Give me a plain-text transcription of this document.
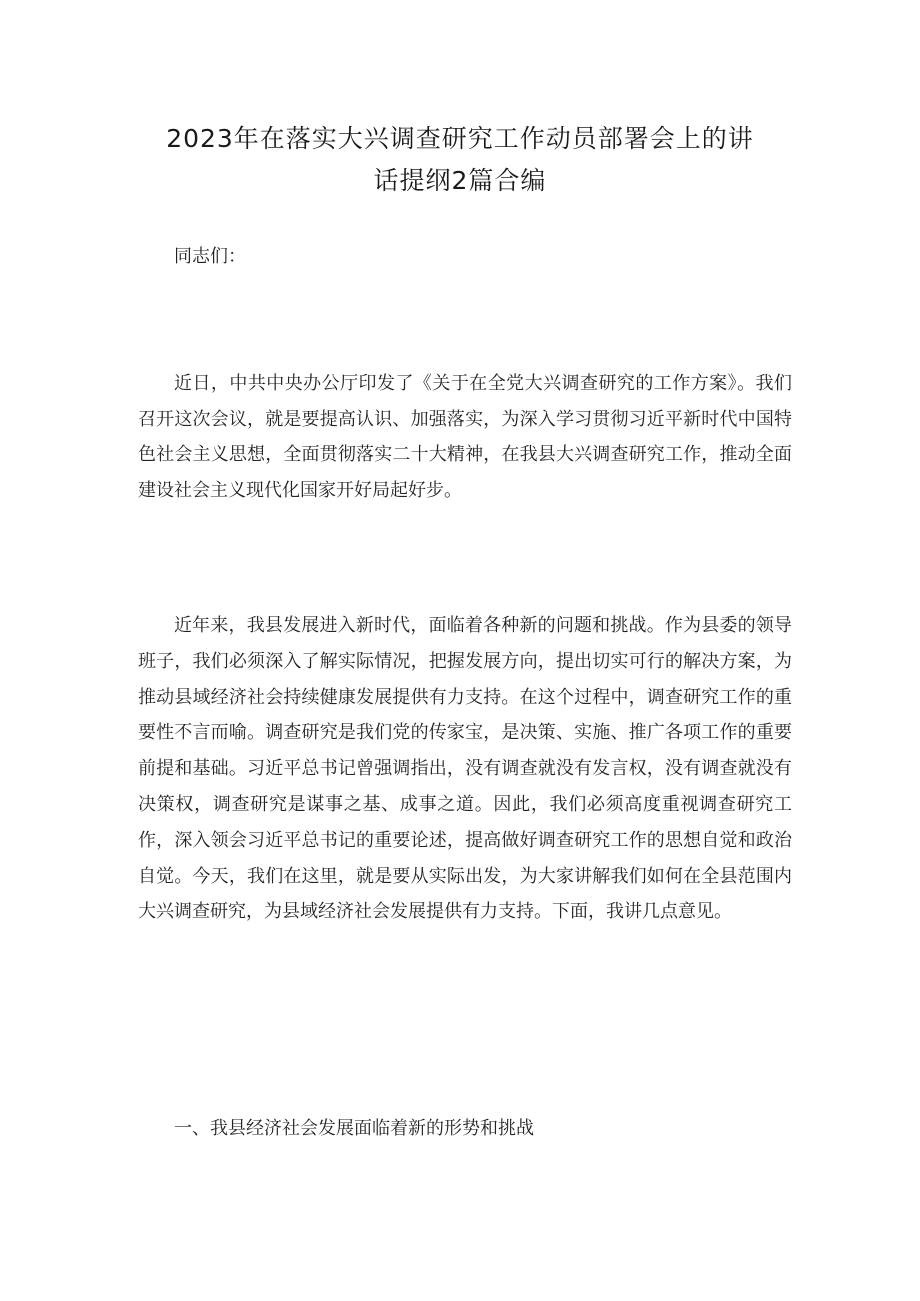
2023年在落实大兴调查研究工作动员部署会上的讲
话提纲2篇合编
同志们：

近日，中共中央办公厅印发了《关于在全党大兴调查研究的工作方案》。我们召开这次会议，就是要提高认识、加强落实，为深入学习贯彻习近平新时代中国特色社会主义思想，全面贯彻落实二十大精神，在我县大兴调查研究工作，推动全面建设社会主义现代化国家开好局起好步。

近年来，我县发展进入新时代，面临着各种新的问题和挑战。作为县委的领导班子，我们必须深入了解实际情况，把握发展方向，提出切实可行的解决方案，为推动县域经济社会持续健康发展提供有力支持。在这个过程中，调查研究工作的重要性不言而喻。调查研究是我们党的传家宝，是决策、实施、推广各项工作的重要前提和基础。习近平总书记曾强调指出，没有调查就没有发言权，没有调查就没有决策权，调查研究是谋事之基、成事之道。因此，我们必须高度重视调查研究工作，深入领会习近平总书记的重要论述，提高做好调查研究工作的思想自觉和政治自觉。今天，我们在这里，就是要从实际出发，为大家讲解我们如何在全县范围内大兴调查研究，为县域经济社会发展提供有力支持。下面，我讲几点意见。

一、我县经济社会发展面临着新的形势和挑战
